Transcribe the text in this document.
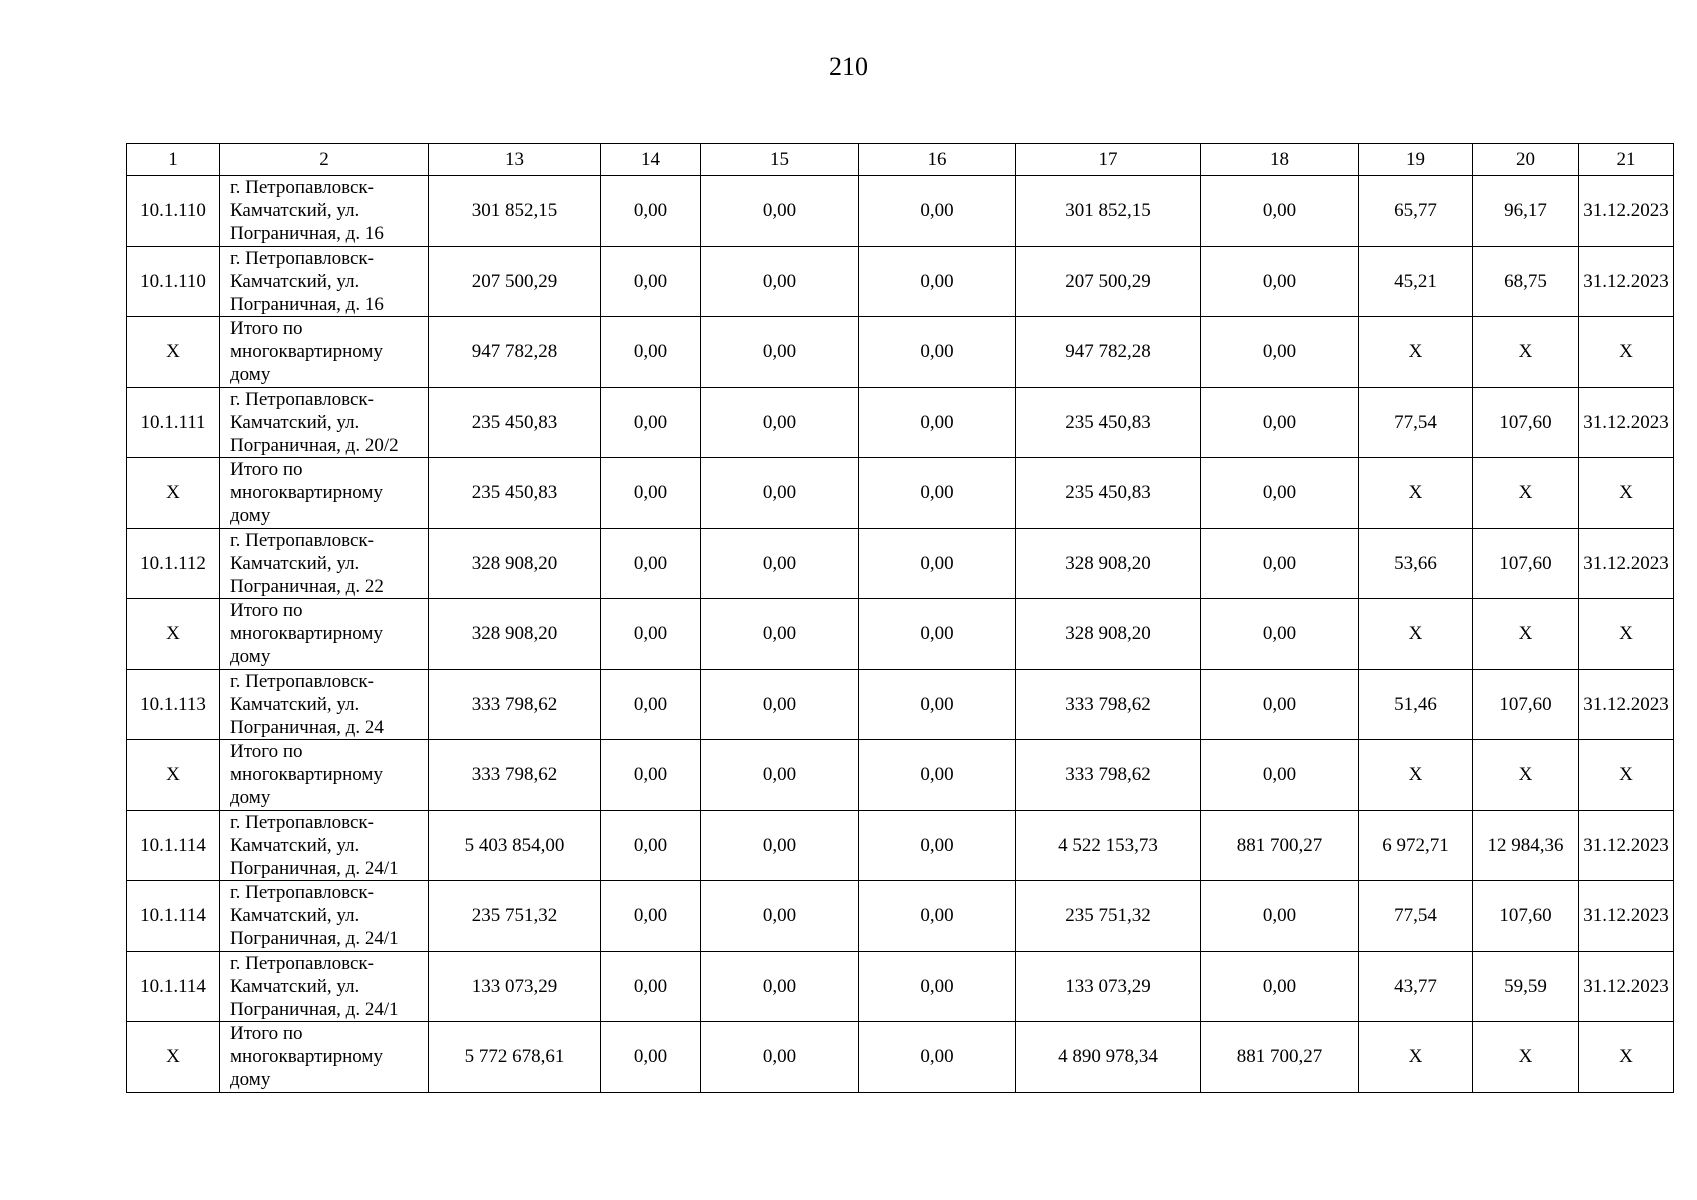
210
1	2	13	14	15	16	17	18	19	20	21
10.1.110	г. Петропавловск-
Камчатский, ул.
Пограничная, д. 16	301 852,15	0,00	0,00	0,00	301 852,15	0,00	65,77	96,17	31.12.2023
10.1.110	г. Петропавловск-
Камчатский, ул.
Пограничная, д. 16	207 500,29	0,00	0,00	0,00	207 500,29	0,00	45,21	68,75	31.12.2023
X	Итого по
многоквартирному
дому	947 782,28	0,00	0,00	0,00	947 782,28	0,00	X	X	X
10.1.111	г. Петропавловск-
Камчатский, ул.
Пограничная, д. 20/2	235 450,83	0,00	0,00	0,00	235 450,83	0,00	77,54	107,60	31.12.2023
X	Итого по
многоквартирному
дому	235 450,83	0,00	0,00	0,00	235 450,83	0,00	X	X	X
10.1.112	г. Петропавловск-
Камчатский, ул.
Пограничная, д. 22	328 908,20	0,00	0,00	0,00	328 908,20	0,00	53,66	107,60	31.12.2023
X	Итого по
многоквартирному
дому	328 908,20	0,00	0,00	0,00	328 908,20	0,00	X	X	X
10.1.113	г. Петропавловск-
Камчатский, ул.
Пограничная, д. 24	333 798,62	0,00	0,00	0,00	333 798,62	0,00	51,46	107,60	31.12.2023
X	Итого по
многоквартирному
дому	333 798,62	0,00	0,00	0,00	333 798,62	0,00	X	X	X
10.1.114	г. Петропавловск-
Камчатский, ул.
Пограничная, д. 24/1	5 403 854,00	0,00	0,00	0,00	4 522 153,73	881 700,27	6 972,71	12 984,36	31.12.2023
10.1.114	г. Петропавловск-
Камчатский, ул.
Пограничная, д. 24/1	235 751,32	0,00	0,00	0,00	235 751,32	0,00	77,54	107,60	31.12.2023
10.1.114	г. Петропавловск-
Камчатский, ул.
Пограничная, д. 24/1	133 073,29	0,00	0,00	0,00	133 073,29	0,00	43,77	59,59	31.12.2023
X	Итого по
многоквартирному
дому	5 772 678,61	0,00	0,00	0,00	4 890 978,34	881 700,27	X	X	X
